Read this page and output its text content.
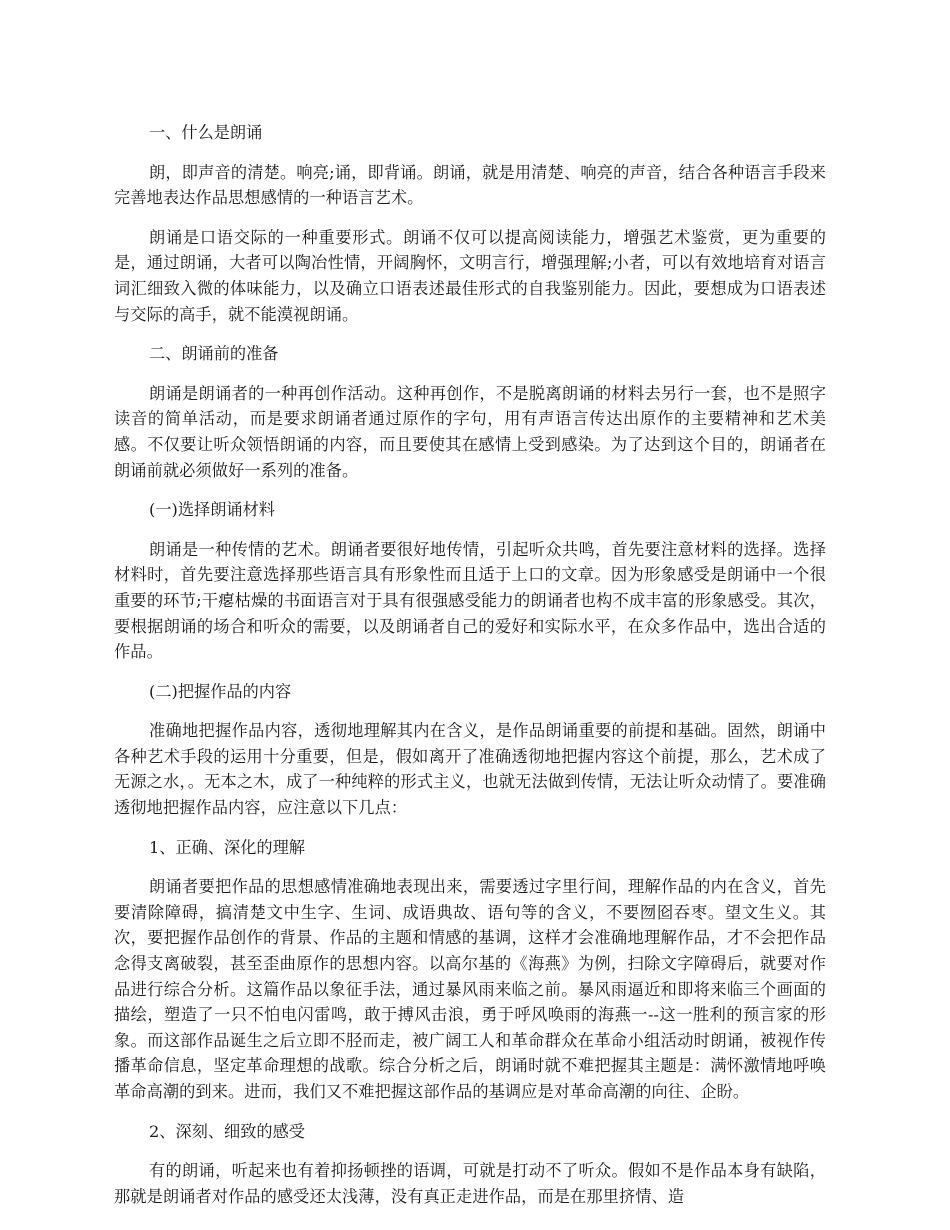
一、什么是朗诵

朗，即声音的清楚。响亮;诵，即背诵。朗诵，就是用清楚、响亮的声音，结合各种语言手段来完善地表达作品思想感情的一种语言艺术。

朗诵是口语交际的一种重要形式。朗诵不仅可以提高阅读能力，增强艺术鉴赏，更为重要的是，通过朗诵，大者可以陶冶性情，开阔胸怀，文明言行，增强理解;小者，可以有效地培育对语言词汇细致入微的体味能力，以及确立口语表述最佳形式的自我鉴别能力。因此，要想成为口语表述与交际的高手，就不能漠视朗诵。

二、朗诵前的准备

朗诵是朗诵者的一种再创作活动。这种再创作，不是脱离朗诵的材料去另行一套，也不是照字读音的简单活动，而是要求朗诵者通过原作的字句，用有声语言传达出原作的主要精神和艺术美感。不仅要让听众领悟朗诵的内容，而且要使其在感情上受到感染。为了达到这个目的，朗诵者在朗诵前就必须做好一系列的准备。

(一)选择朗诵材料

朗诵是一种传情的艺术。朗诵者要很好地传情，引起听众共鸣，首先要注意材料的选择。选择材料时，首先要注意选择那些语言具有形象性而且适于上口的文章。因为形象感受是朗诵中一个很重要的环节;干瘪枯燥的书面语言对于具有很强感受能力的朗诵者也构不成丰富的形象感受。其次，要根据朗诵的场合和听众的需要，以及朗诵者自己的爱好和实际水平，在众多作品中，选出合适的作品。

(二)把握作品的内容

准确地把握作品内容，透彻地理解其内在含义，是作品朗诵重要的前提和基础。固然，朗诵中各种艺术手段的运用十分重要，但是，假如离开了准确透彻地把握内容这个前提，那么，艺术成了无源之水，。无本之木，成了一种纯粹的形式主义，也就无法做到传情，无法让听众动情了。要准确透彻地把握作品内容，应注意以下几点：

1、正确、深化的理解

朗诵者要把作品的思想感情准确地表现出来，需要透过字里行间，理解作品的内在含义，首先要清除障碍，搞清楚文中生字、生词、成语典故、语句等的含义，不要囫囵吞枣。望文生义。其次，要把握作品创作的背景、作品的主题和情感的基调，这样才会准确地理解作品，才不会把作品念得支离破裂，甚至歪曲原作的思想内容。以高尔基的《海燕》为例，扫除文字障碍后，就要对作品进行综合分析。这篇作品以象征手法，通过暴风雨来临之前。暴风雨逼近和即将来临三个画面的描绘，塑造了一只不怕电闪雷鸣，敢于搏风击浪，勇于呼风唤雨的海燕一--这一胜利的预言家的形象。而这部作品诞生之后立即不胫而走，被广阔工人和革命群众在革命小组活动时朗诵，被视作传播革命信息，坚定革命理想的战歌。综合分析之后，朗诵时就不难把握其主题是：满怀激情地呼唤革命高潮的到来。进而，我们又不难把握这部作品的基调应是对革命高潮的向往、企盼。

2、深刻、细致的感受

有的朗诵，听起来也有着抑扬顿挫的语调，可就是打动不了听众。假如不是作品本身有缺陷，那就是朗诵者对作品的感受还太浅薄，没有真正走进作品，而是在那里挤情、造
